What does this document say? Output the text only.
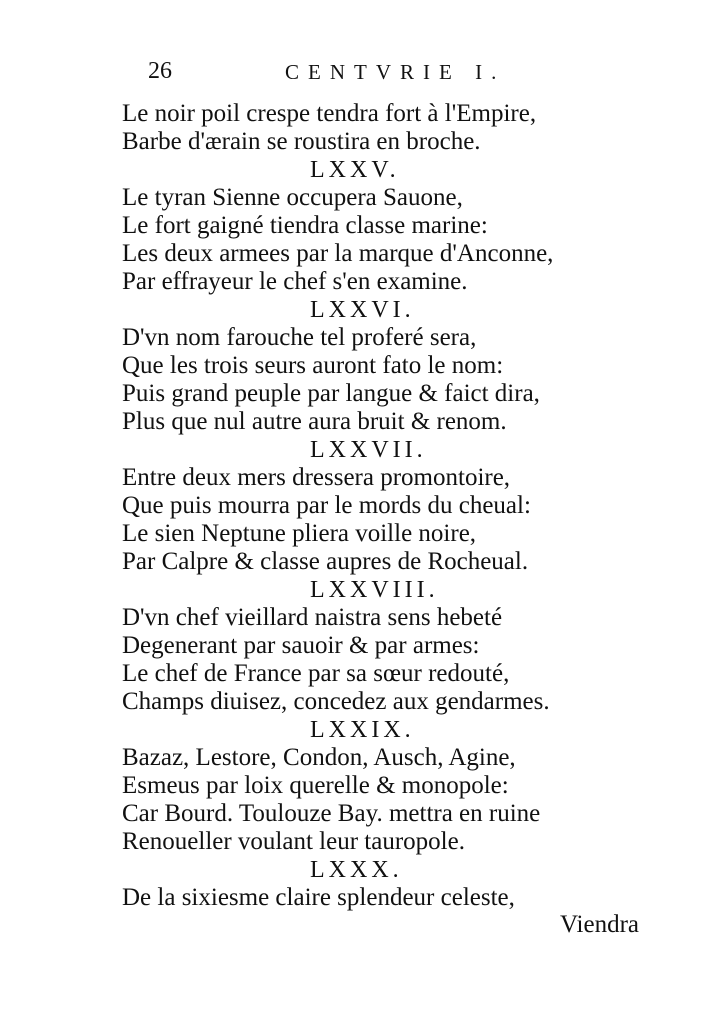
26	CENTVRIE I.
Le noir poil crespe tendra fort à l'Empire,
Barbe d'ærain se roustira en broche.
LXXV.
Le tyran Sienne occupera Sauone,
Le fort gaigné tiendra classe marine:
Les deux armees par la marque d'Anconne,
Par effrayeur le chef s'en examine.
LXXVI.
D'vn nom farouche tel proferé sera,
Que les trois seurs auront fato le nom:
Puis grand peuple par langue & faict dira,
Plus que nul autre aura bruit & renom.
LXXVII.
Entre deux mers dressera promontoire,
Que puis mourra par le mords du cheual:
Le sien Neptune pliera voille noire,
Par Calpre & classe aupres de Rocheual.
LXXVIII.
D'vn chef vieillard naistra sens hebeté
Degenerant par sauoir & par armes:
Le chef de France par sa sœur redouté,
Champs diuisez, concedez aux gendarmes.
LXXIX.
Bazaz, Lestore, Condon, Ausch, Agine,
Esmeus par loix querelle & monopole:
Car Bourd. Toulouze Bay. mettra en ruine
Renoueller voulant leur tauropole.
LXXX.
De la sixiesme claire splendeur celeste,
Viendra
